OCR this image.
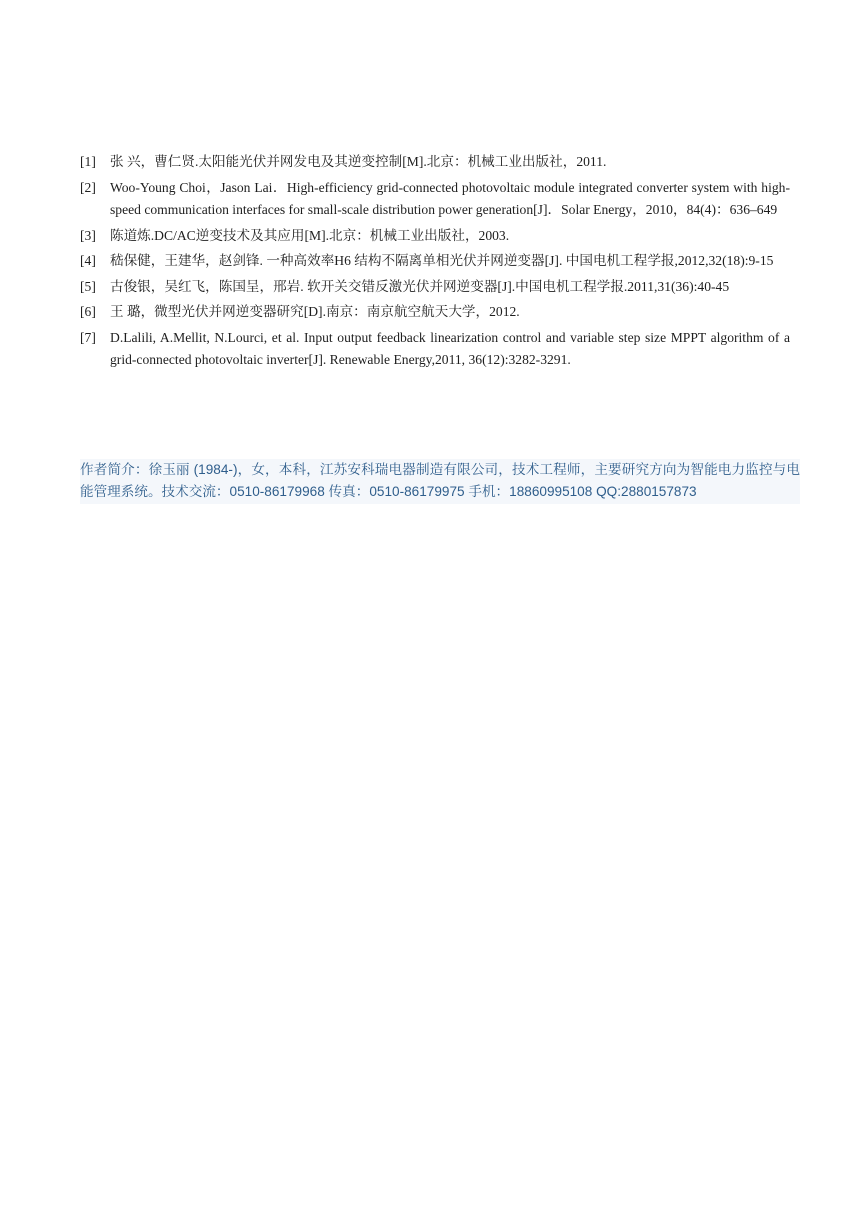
[1]	张 兴，曹仁贤.太阳能光伏并网发电及其逆变控制[M].北京：机械工业出版社，2011.
[2]	Woo-Young Choi，Jason Lai．High-efficiency grid-connected photovoltaic module integrated converter system with high-speed communication interfaces for small-scale distribution power generation[J]．Solar Energy，2010，84(4)：636–649
[3]	陈道炼.DC/AC逆变技术及其应用[M].北京：机械工业出版社，2003.
[4]	嵇保健，王建华，赵剑锋. 一种高效率H6 结构不隔离单相光伏并网逆变器[J]. 中国电机工程学报,2012,32(18):9-15
[5]	古俊银，吴红飞，陈国呈，邢岩. 软开关交错反激光伏并网逆变器[J].中国电机工程学报.2011,31(36):40-45
[6]	王 璐，微型光伏并网逆变器研究[D].南京：南京航空航天大学，2012.
[7]	D.Lalili, A.Mellit, N.Lourci, et al. Input output feedback linearization control and variable step size MPPT algorithm of a grid-connected photovoltaic inverter[J]. Renewable Energy,2011, 36(12):3282-3291.

作者简介：徐玉丽 (1984-)，女，本科，江苏安科瑞电器制造有限公司，技术工程师，主要研究方向为智能电力监控与电能管理系统。技术交流：0510-86179968 传真：0510-86179975 手机：18860995108 QQ:2880157873
